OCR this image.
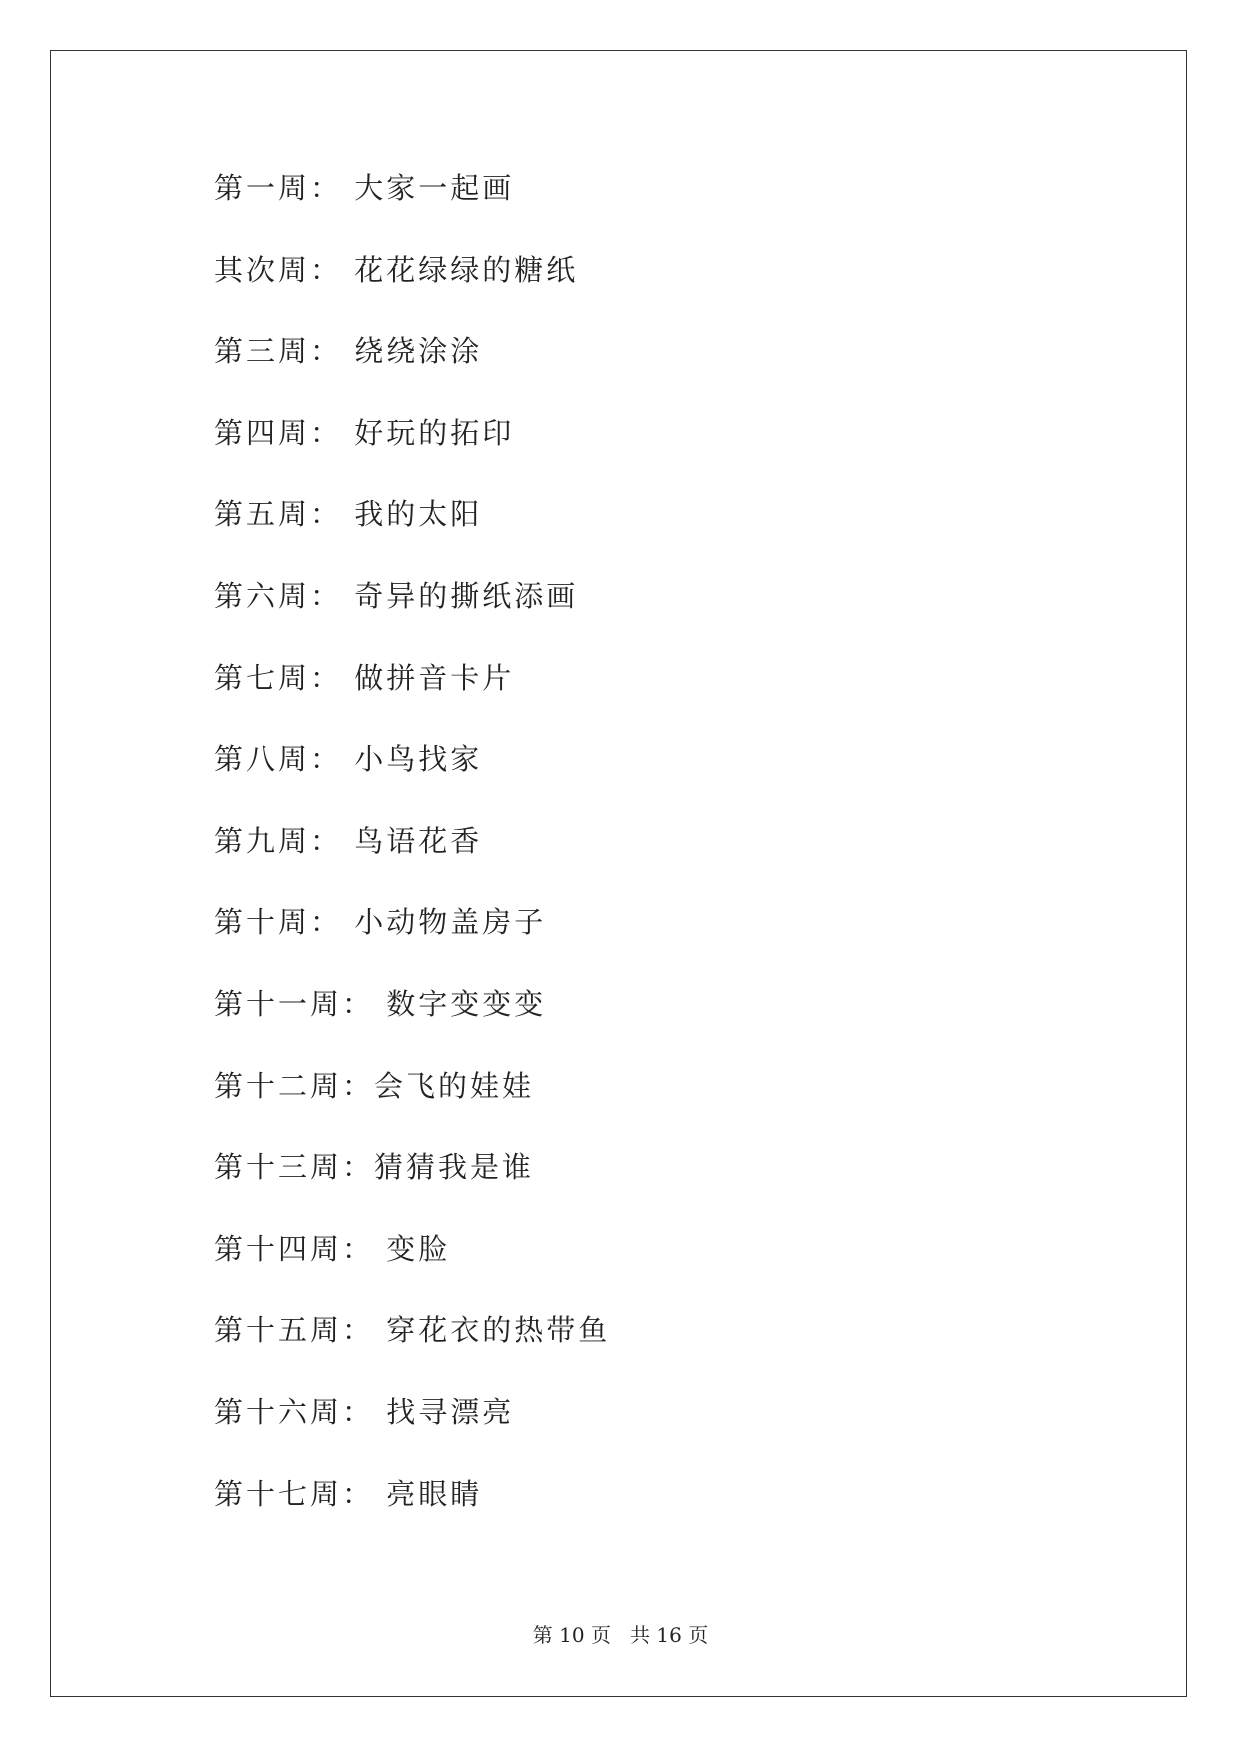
第一周： 大家一起画
其次周： 花花绿绿的糖纸
第三周： 绕绕涂涂
第四周： 好玩的拓印
第五周： 我的太阳
第六周： 奇异的撕纸添画
第七周： 做拼音卡片
第八周： 小鸟找家
第九周： 鸟语花香
第十周： 小动物盖房子
第十一周： 数字变变变
第十二周：会飞的娃娃
第十三周：猜猜我是谁
第十四周： 变脸
第十五周： 穿花衣的热带鱼
第十六周： 找寻漂亮
第十七周： 亮眼睛
第 10 页   共 16 页
